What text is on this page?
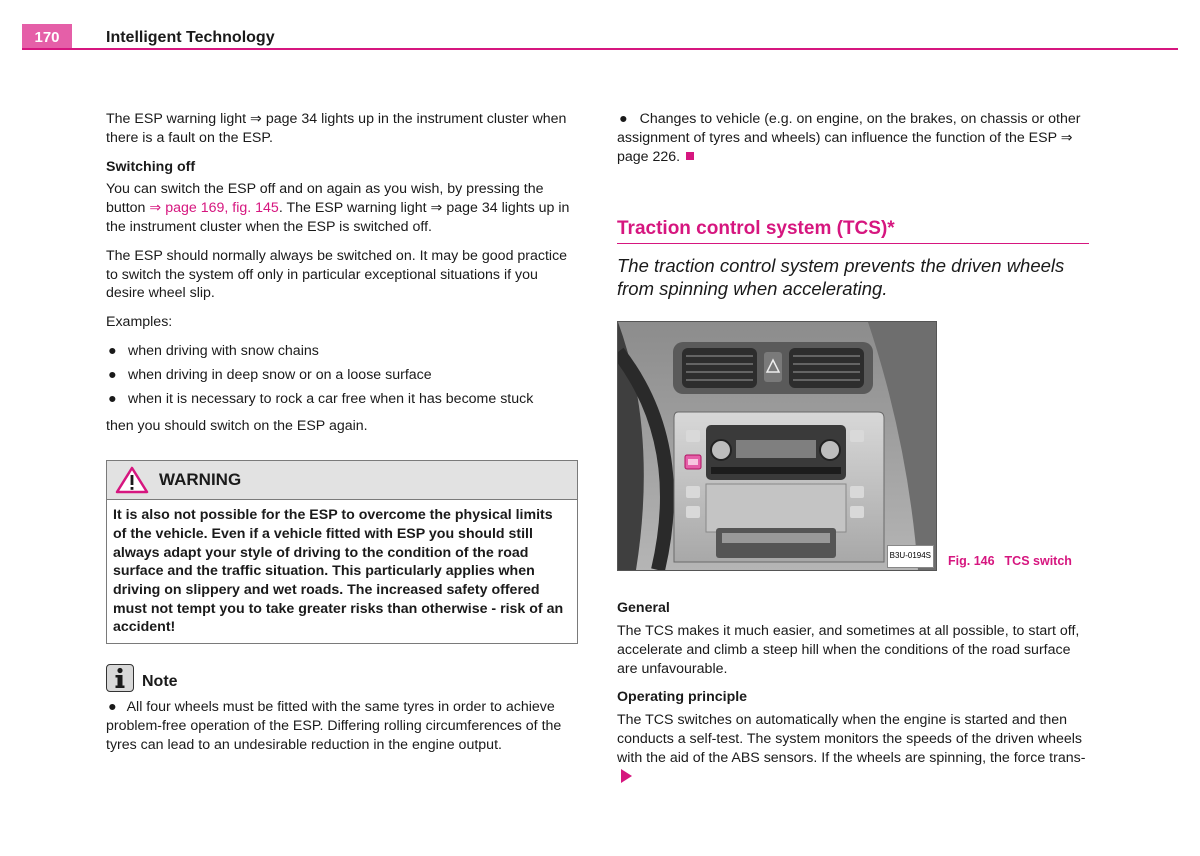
170	Intelligent Technology

The ESP warning light ⇒ page 34 lights up in the instrument cluster when there is a fault on the ESP.

Switching off

You can switch the ESP off and on again as you wish, by pressing the button ⇒ page 169, fig. 145. The ESP warning light ⇒ page 34 lights up in the instrument cluster when the ESP is switched off.

The ESP should normally always be switched on. It may be good practice to switch the system off only in particular exceptional situations if you desire wheel slip.

Examples:

● when driving with snow chains
● when driving in deep snow or on a loose surface
● when it is necessary to rock a car free when it has become stuck

then you should switch on the ESP again.

WARNING
It is also not possible for the ESP to overcome the physical limits of the vehicle. Even if a vehicle fitted with ESP you should still always adapt your style of driving to the condition of the road surface and the traffic situation. This particularly applies when driving on slippery and wet roads. The increased safety offered must not tempt you to take greater risks than otherwise - risk of an accident!
Note

● All four wheels must be fitted with the same tyres in order to achieve problem-free operation of the ESP. Differing rolling circumferences of the tyres can lead to an undesirable reduction in the engine output.

● Changes to vehicle (e.g. on engine, on the brakes, on chassis or other assignment of tyres and wheels) can influence the function of the ESP ⇒ page 226.

Traction control system (TCS)*

The traction control system prevents the driven wheels from spinning when accelerating.

B3U-0194S Fig. 146 TCS switch

General

The TCS makes it much easier, and sometimes at all possible, to start off, accelerate and climb a steep hill when the conditions of the road surface are unfavourable.

Operating principle

The TCS switches on automatically when the engine is started and then conducts a self-test. The system monitors the speeds of the driven wheels with the aid of the ABS sensors. If the wheels are spinning, the force trans-
